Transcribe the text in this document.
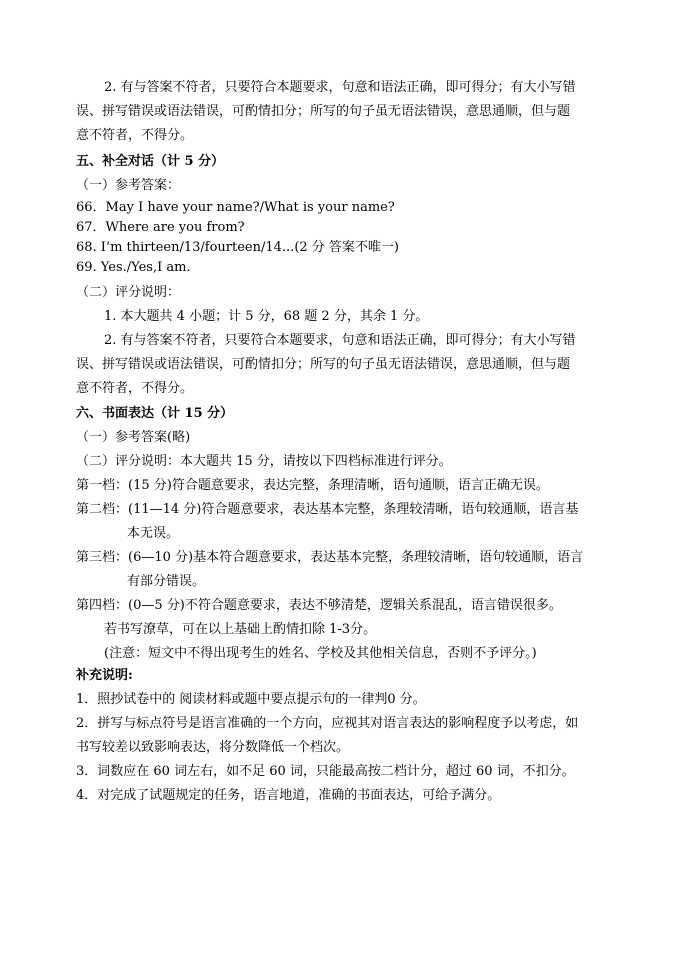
2. 有与答案不符者，只要符合本题要求，句意和语法正确，即可得分；有大小写错
误、拼写错误或语法错误，可酌情扣分；所写的句子虽无语法错误，意思通顺，但与题
意不符者，不得分。
五、补全对话（计 5 分）
（一）参考答案：
66．May I have your name?/What is your name?
67．Where are you from?
68. I’m thirteen/13/fourteen/14...(2 分 答案不唯一)
69. Yes./Yes,I am.
（二）评分说明：
1. 本大题共 4 小题；计 5 分，68 题 2 分，其余 1 分。
2. 有与答案不符者，只要符合本题要求，句意和语法正确，即可得分；有大小写错
误、拼写错误或语法错误，可酌情扣分；所写的句子虽无语法错误，意思通顺，但与题
意不符者，不得分。
六、书面表达（计 15 分）
（一）参考答案(略)
（二）评分说明：本大题共 15 分，请按以下四档标准进行评分。
第一档：(15 分)符合题意要求，表达完整，条理清晰，语句通顺，语言正确无误。
第二档：(11—14 分)符合题意要求，表达基本完整，条理较清晰，语句较通顺，语言基
本无误。
第三档：(6—10 分)基本符合题意要求，表达基本完整，条理较清晰，语句较通顺，语言
有部分错误。
第四档：(0—5 分)不符合题意要求，表达不够清楚，逻辑关系混乱，语言错误很多。
若书写潦草，可在以上基础上酌情扣除 1-3分。
(注意：短文中不得出现考生的姓名、学校及其他相关信息，否则不予评分。)
补充说明:
1．照抄试卷中的 阅读材料或题中要点提示句的一律判0 分。
2．拼写与标点符号是语言准确的一个方向，应视其对语言表达的影响程度予以考虑，如
书写较差以致影响表达，将分数降低一个档次。
3．词数应在 60 词左右，如不足 60 词，只能最高按二档计分，超过 60 词，不扣分。
4．对完成了试题规定的任务，语言地道，准确的书面表达，可给予满分。
